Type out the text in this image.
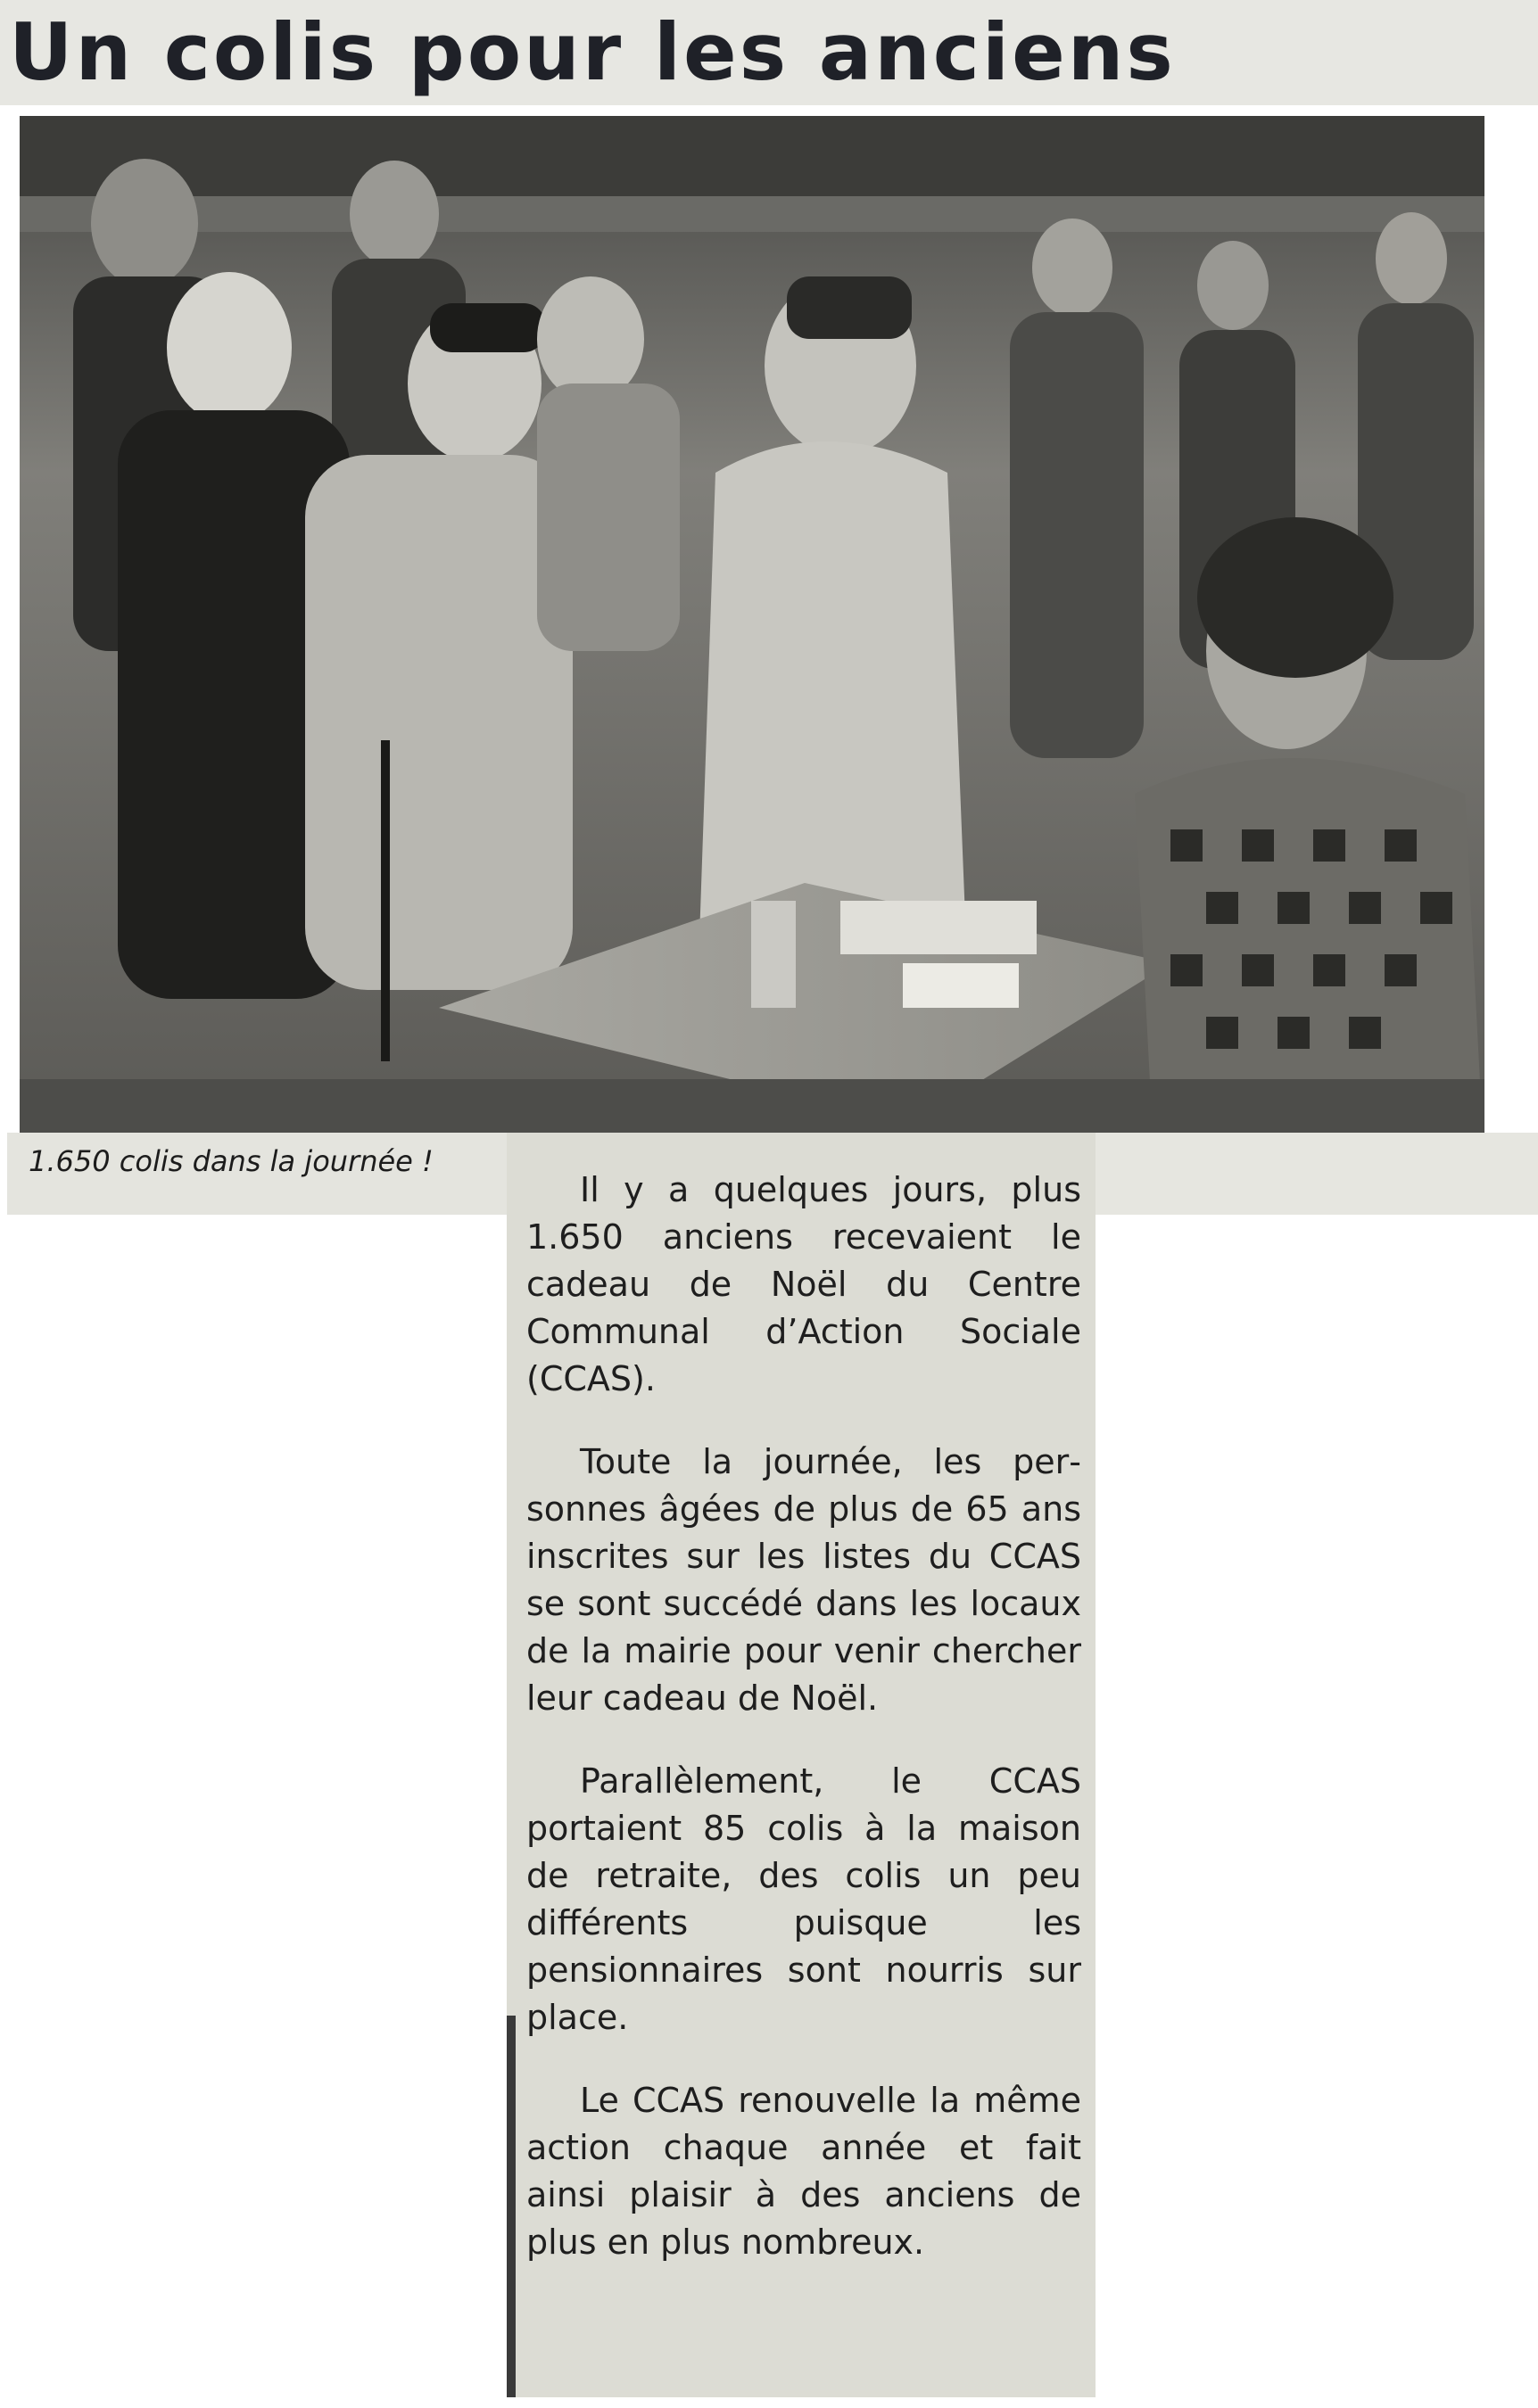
Un colis pour les anciens
1.650 colis dans la journée !

Il y a quelques jours, plus 1.650 anciens recevaient le cadeau de Noël du Centre Communal d’Action Sociale (CCAS).

Toute la journée, les personnes âgées de plus de 65 ans inscrites sur les listes du CCAS se sont succédé dans les locaux de la mairie pour venir chercher leur cadeau de Noël.

Parallèlement, le CCAS portaient 85 colis à la maison de retraite, des colis un peu différents puisque les pensionnaires sont nourris sur place.

Le CCAS renouvelle la même action chaque année et fait ainsi plaisir à des anciens de plus en plus nombreux.
